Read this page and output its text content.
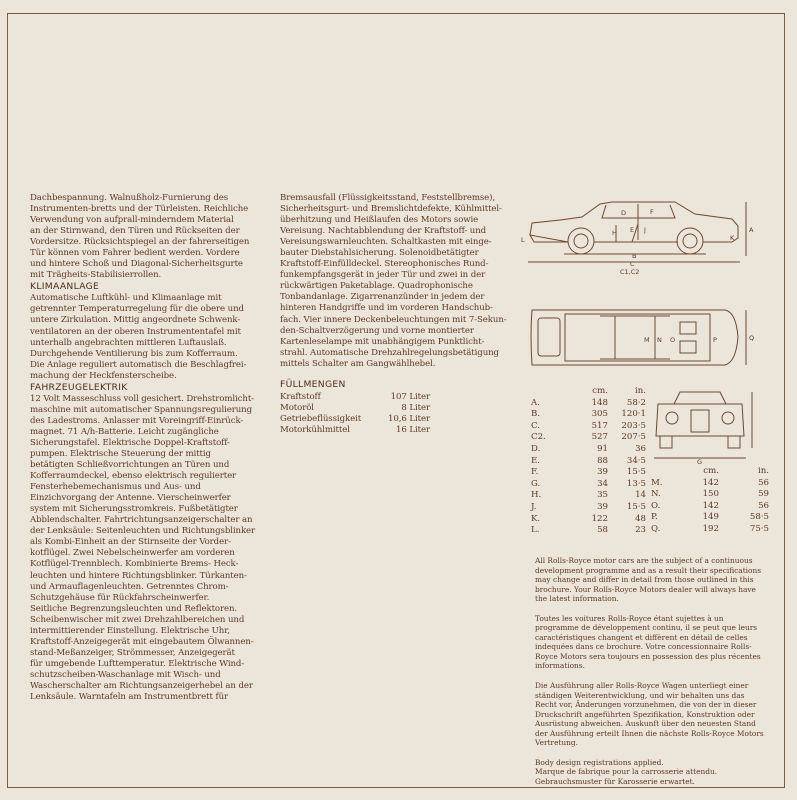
Dachbespannung. Walnußholz-Furnierung des
Instrumenten-bretts und der Türleisten. Reichliche
Verwendung von aufprall-minderndem Material
an der Stirnwand, den Türen und Rückseiten der
Vordersitze. Rücksichtspiegel an der fahrerseitigen
Tür können vom Fahrer bedient werden. Vordere
und hintere Schoß und Diagonal-Sicherheitsgurte
mit Trägheits-Stabilisierrollen.

KLIMAANLAGE

Automatische Luftkühl- und Klimaanlage mit
getrennter Temperaturregelung für die obere und
untere Zirkulation. Mittig angeordnete Schwenk-
ventilatoren an der oberen Instrumententafel mit
unterhalb angebrachten mittleren Luftauslaß.
Durchgehende Ventilierung bis zum Kofferraum.
Die Anlage reguliert automatisch die Beschlagfrei-
machung der Heckfensterscheibe.

FAHRZEUGELEKTRIK

12 Volt Masseschluss voll gesichert. Drehstromlicht-
maschine mit automatischer Spannungsregulierung
des Ladestroms. Anlasser mit Voreingriff-Einrück-
magnet. 71 A/h-Batterie. Leicht zugängliche
Sicherungstafel. Elektrische Doppel-Kraftstoff-
pumpen. Elektrische Steuerung der mittig
betätigten Schließvorrichtungen an Türen und
Kofferraumdeckel, ebenso elektrisch regulierter
Fensterhebemechanismus und Aus- und
Einzichvorgang der Antenne. Vierscheinwerfer
system mit Sicherungsstromkreis. Fußbetätigter
Abblendschalter. Fahrtrichtungsanzeigerschalter an
der Lenksäule: Seitenleuchten und Richtungsblinker
als Kombi-Einheit an der Stirnseite der Vorder-
kotflügel. Zwei Nebelscheinwerfer am vorderen
Kotflügel-Trennblech. Kombinierte Brems- Heck-
leuchten und hintere Richtungsblinker. Türkanten-
und Armauflagenleuchten. Getrenntes Chrom-
Schutzgehäuse für Rückfahrscheinwerfer.
Seitliche Begrenzungsleuchten und Reflektoren.
Scheibenwischer mit zwei Drehzahlbereichen und
intermittierender Einstellung. Elektrische Uhr,
Kraftstoff-Anzeigegerät mit eingebautem Ölwannen-
stand-Meßanzeiger, Strömmesser, Anzeigegerät
für umgebende Lufttemperatur. Elektrische Wind-
schutzscheiben-Waschanlage mit Wisch- und
Wascherschalter am Richtungsanzeigerhebel an der
Lenksäule. Warntafeln am Instrumentbrett für

Bremsausfall (Flüssigkeitsstand, Feststellbremse),
Sicherheitsgurt- und Bremslichtdefekte, Kühlmittel-
überhitzung und Heißlaufen des Motors sowie
Vereisung. Nachtabblendung der Kraftstoff- und
Vereisungswarnleuchten. Schaltkasten mit einge-
bauter Diebstahlsicherung. Solenoidbetätigter
Kraftstoff-Einfülldeckel. Stereophonisches Rund-
funkempfangsgerät in jeder Tür und zwei in der
rückwärtigen Paketablage. Quadrophonische
Tonbandanlage. Zigarrenanzünder in jedem der
hinteren Handgriffe und im vorderen Handschub-
fach. Vier innere Deckenbeleuchtungen mit 7-Sekun-
den-Schaltverzögerung und vorne montierter
Kartenleselampe mit unabhängigem Punktlicht-
strahl. Automatische Drehzahlregelungsbetätigung
mittels Schalter am Gangwählhebel.

FÜLLMENGEN

Kraftstoff	107 Liter
Motoröl	8 Liter
Getriebeflüssigkeit	10,6 Liter
Motorkühlmittel	16 Liter
C
C1,C2
B
A
L	K
D
E
F
H	J
M N O	P	Q
G
	cm.	in.
A.	148	58·2
B.	305	120·1
C.	517	203·5
C2.	527	207·5
D.	91	36
E.	88	34·5
F.	39	15·5
G.	34	13·5
H.	35	14
J.	39	15·5
K.	122	48
L.	58	23
	cm.	in.
M.	142	56
N.	150	59
O.	142	56
P.	149	58·5
Q.	192	75·5

All Rolls-Royce motor cars are the subject of a continuous development programme and as a result their specifications may change and differ in detail from those outlined in this brochure. Your Rolls-Royce Motors dealer will always have the latest information.

Toutes les voitures Rolls-Royce étant sujettes à un programme de développement continu, il se peut que leurs caractéristiques changent et diffèrent en détail de celles indequées dans ce brochure. Votre concessionnaire Rolls-Royce Motors sera toujours en possession des plus récentes informations.

Die Ausführung aller Rolls-Royce Wagen unterliegt einer ständigen Weiterentwicklung, und wir behalten uns das Recht vor, Änderungen vorzunehmen, die von der in dieser Druckschrift angeführten Spezifikation, Konstruktion oder Ausrüstung abweichen. Auskunft über den neuesten Stand der Ausführung erteilt Ihnen die nächste Rolls-Royce Motors Vertretung.

Body design registrations applied.
Marque de fabrique pour la carrosserie attendu.
Gebrauchsmuster für Karosserie erwartet.
